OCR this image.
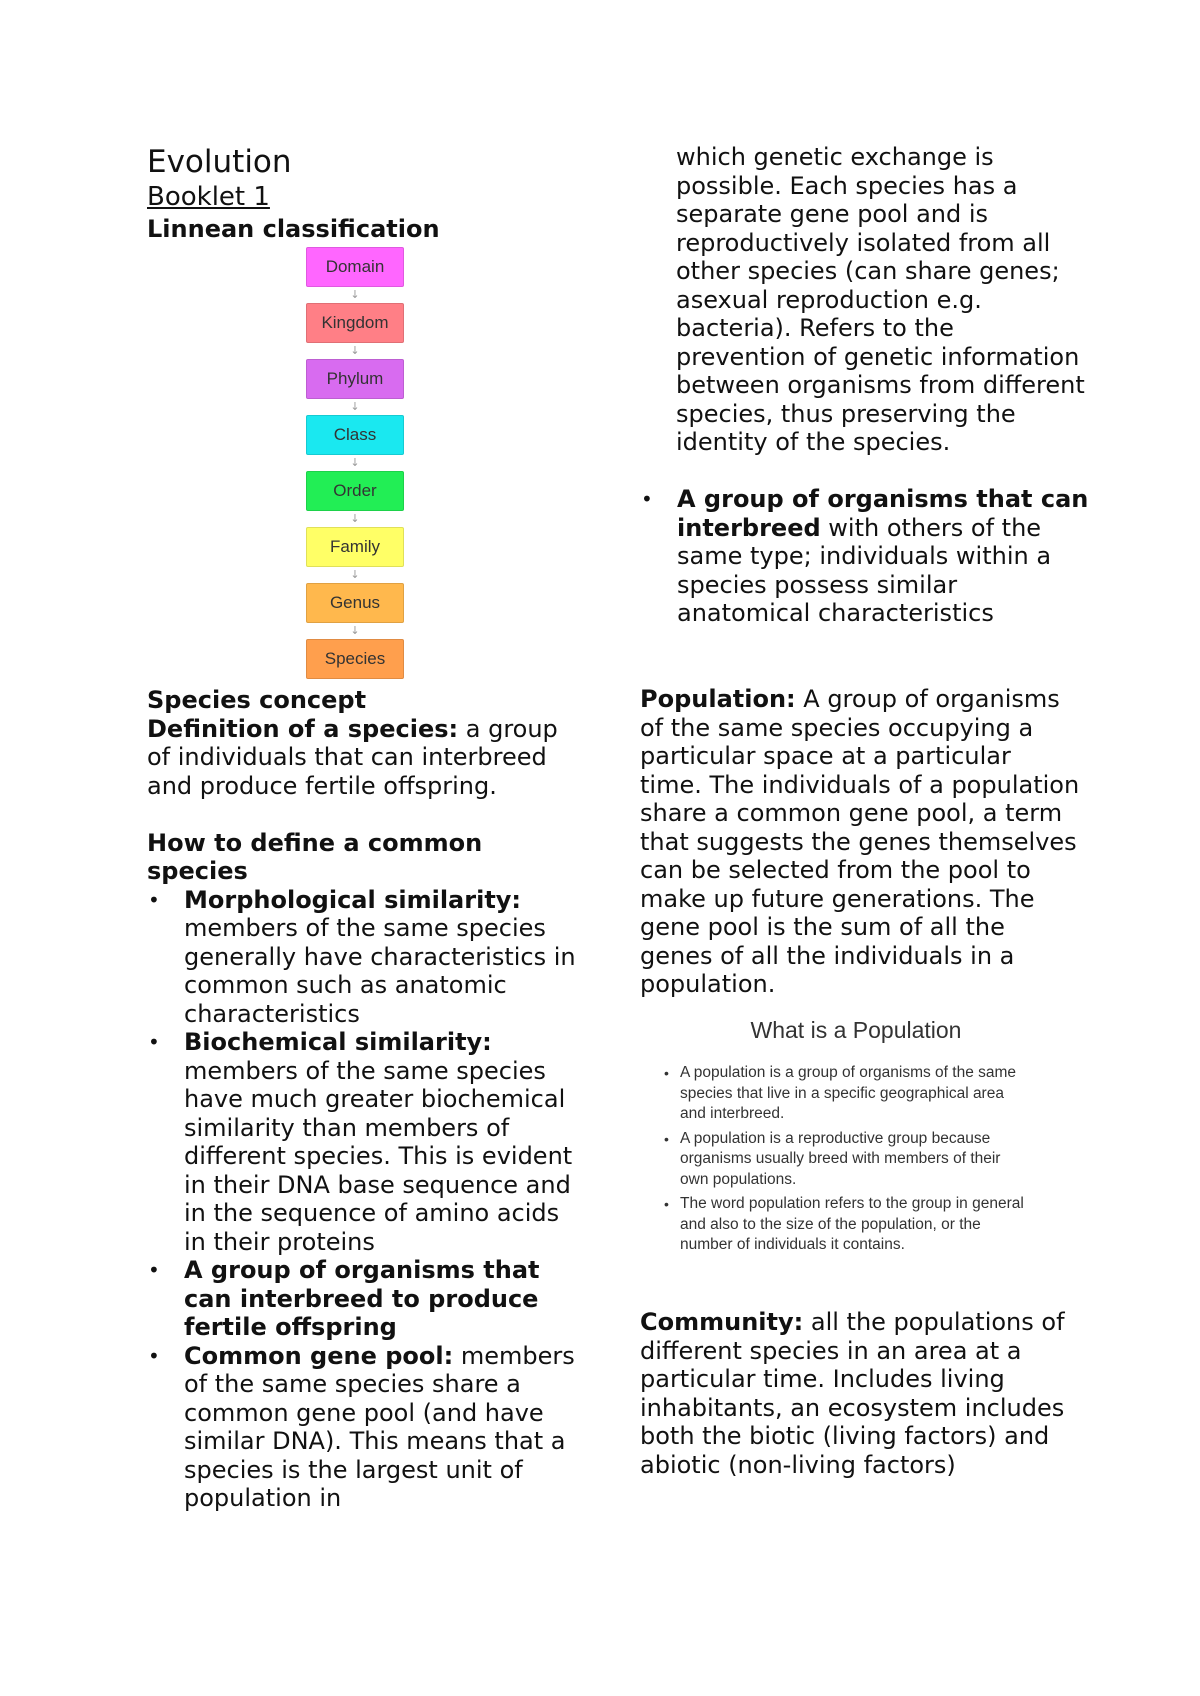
Evolution
Booklet 1
Linnean classification
Domain
↓
Kingdom
↓
Phylum
↓
Class
↓
Order
↓
Family
↓
Genus
↓
Species

Species concept

Definition of a species: a group of individuals that can interbreed and produce fertile offspring.

How to define a common species

• Morphological similarity: members of the same species generally have characteristics in common such as anatomic characteristics
• Biochemical similarity: members of the same species have much greater biochemical similarity than members of different species. This is evident in their DNA base sequence and in the sequence of amino acids in their proteins
• A group of organisms that can interbreed to produce fertile offspring
• Common gene pool: members of the same species share a common gene pool (and have similar DNA). This means that a species is the largest unit of population in

which genetic exchange is possible. Each species has a separate gene pool and is reproductively isolated from all other species (can share genes; asexual reproduction e.g. bacteria). Refers to the prevention of genetic information between organisms from different species, thus preserving the identity of the species.

• A group of organisms that can interbreed with others of the same type; individuals within a species possess similar anatomical characteristics

Population: A group of organisms of the same species occupying a particular space at a particular time. The individuals of a population share a common gene pool, a term that suggests the genes themselves can be selected from the pool to make up future generations. The gene pool is the sum of all the genes of all the individuals in a population.

What is a Population
• A population is a group of organisms of the same species that live in a specific geographical area and interbreed.
• A population is a reproductive group because organisms usually breed with members of their own populations.
• The word population refers to the group in general and also to the size of the population, or the number of individuals it contains.

Community: all the populations of different species in an area at a particular time. Includes living inhabitants, an ecosystem includes both the biotic (living factors) and abiotic (non-living factors)
